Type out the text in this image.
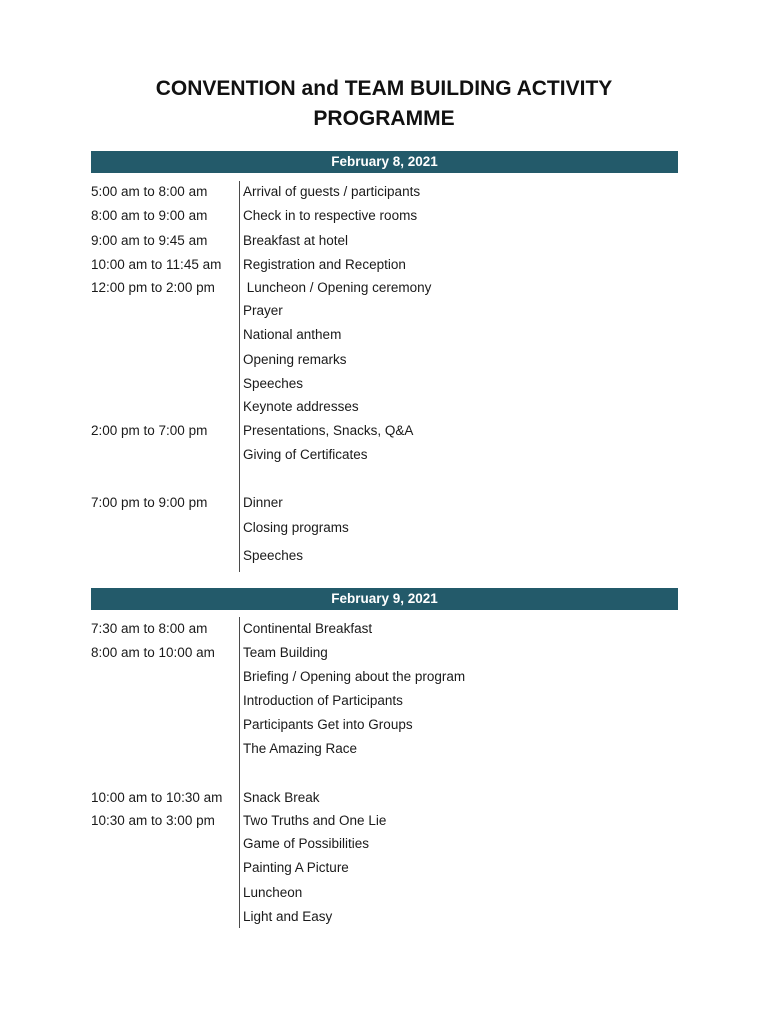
CONVENTION and TEAM BUILDING ACTIVITY
PROGRAMME
February 8, 2021
5:00 am to 8:00 am	Arrival of guests / participants
8:00 am to 9:00 am	Check in to respective rooms
9:00 am to 9:45 am	Breakfast at hotel
10:00 am to 11:45 am Registration and Reception
12:00 pm to 2:00 pm Luncheon / Opening ceremony
Prayer
National anthem
Opening remarks
Speeches
Keynote addresses
2:00 pm to 7:00 pm	Presentations, Snacks, Q&A
Giving of Certificates
7:00 pm to 9:00 pm	Dinner
Closing programs
Speeches
February 9, 2021
7:30 am to 8:00 am	Continental Breakfast
8:00 am to 10:00 am Team Building
Briefing / Opening about the program
Introduction of Participants
Participants Get into Groups
The Amazing Race
10:00 am to 10:30 am Snack Break
10:30 am to 3:00 pm Two Truths and One Lie
Game of Possibilities
Painting A Picture
Luncheon
Light and Easy
